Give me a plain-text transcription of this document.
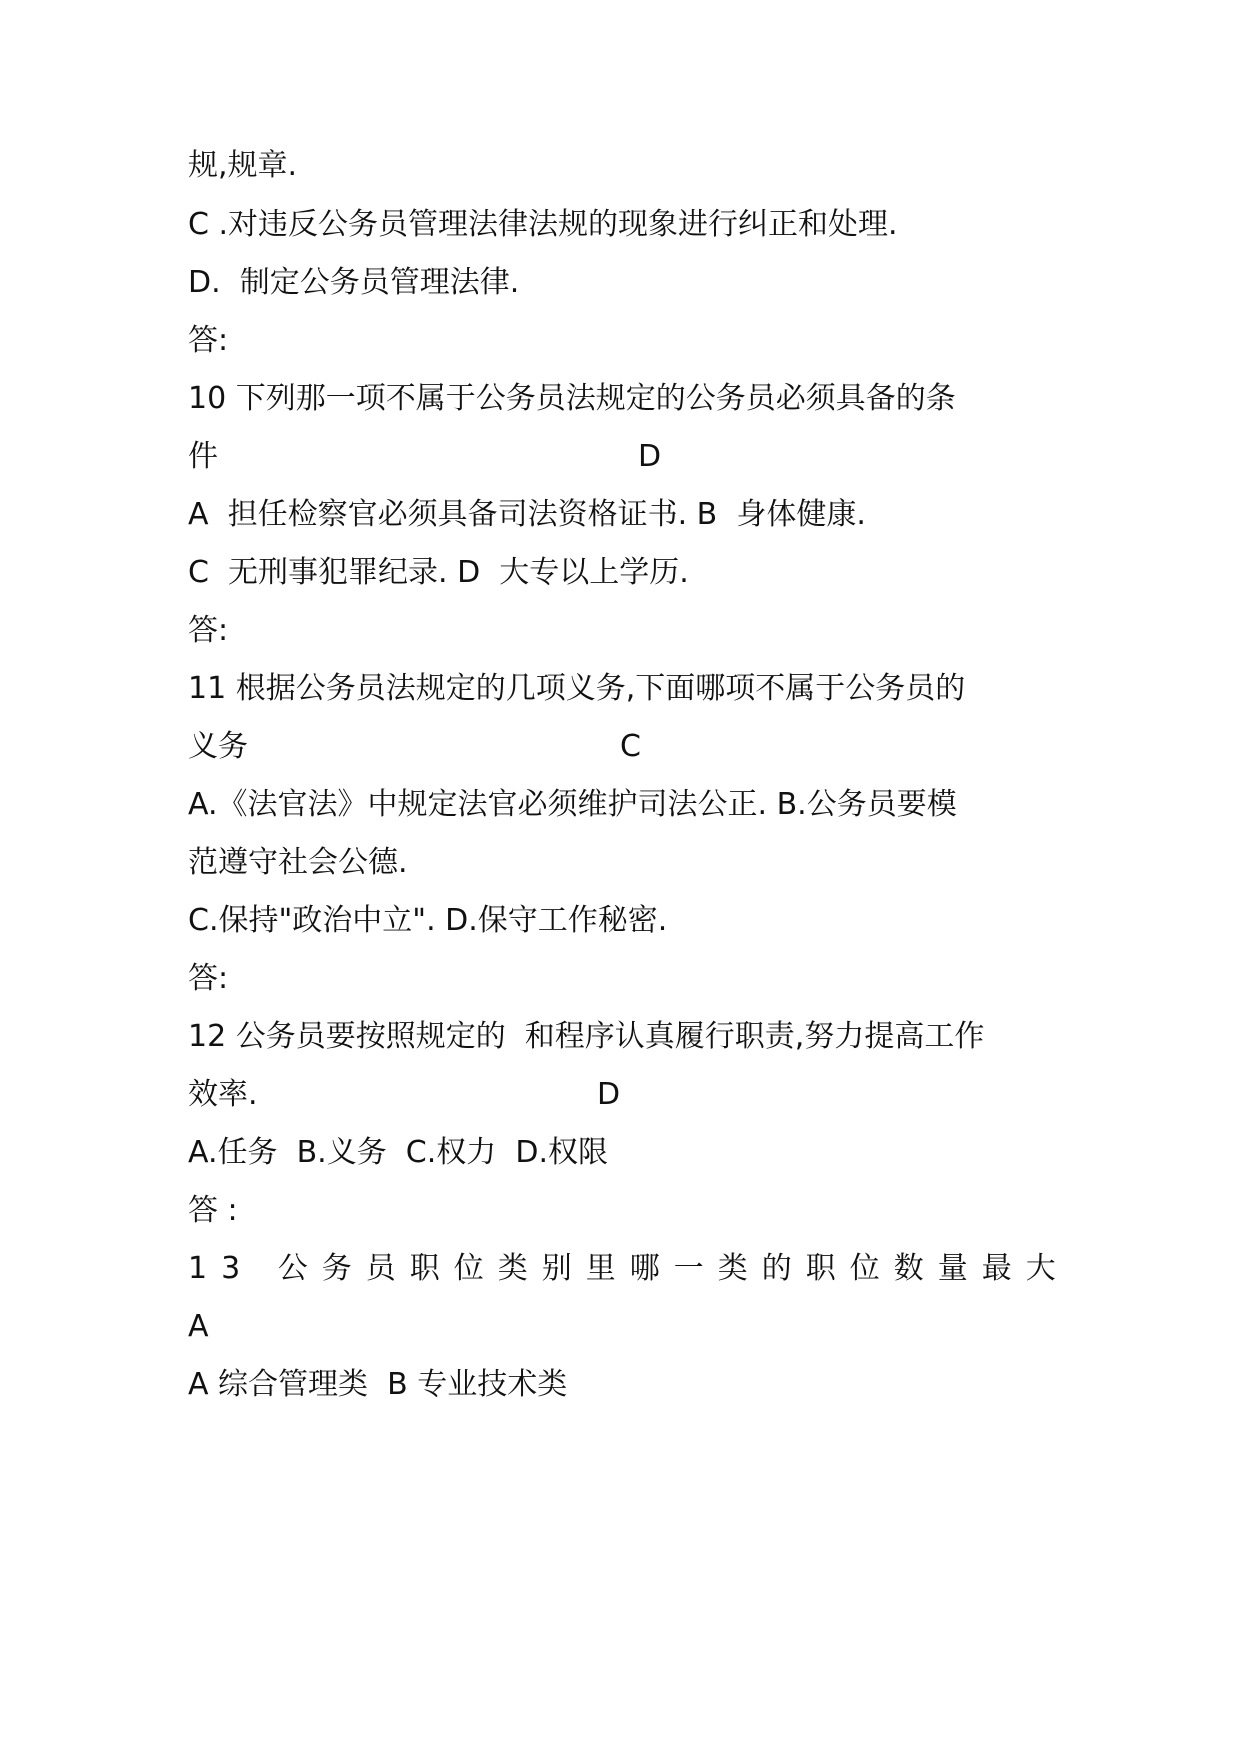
规,规章.
C .对违反公务员管理法律法规的现象进行纠正和处理.
D.  制定公务员管理法律.
答:
10 下列那一项不属于公务员法规定的公务员必须具备的条
件	D
A  担任检察官必须具备司法资格证书. B  身体健康.
C  无刑事犯罪纪录. D  大专以上学历.
答:
11 根据公务员法规定的几项义务,下面哪项不属于公务员的
义务	C
A.《法官法》中规定法官必须维护司法公正. B.公务员要模
范遵守社会公德.
C.保持"政治中立". D.保守工作秘密.
答:
12 公务员要按照规定的  和程序认真履行职责,努力提高工作
效率.	D
A.任务  B.义务  C.权力  D.权限
答 :
13 公务员职位类别里哪一类的职位数量最大
A
A 综合管理类  B 专业技术类
